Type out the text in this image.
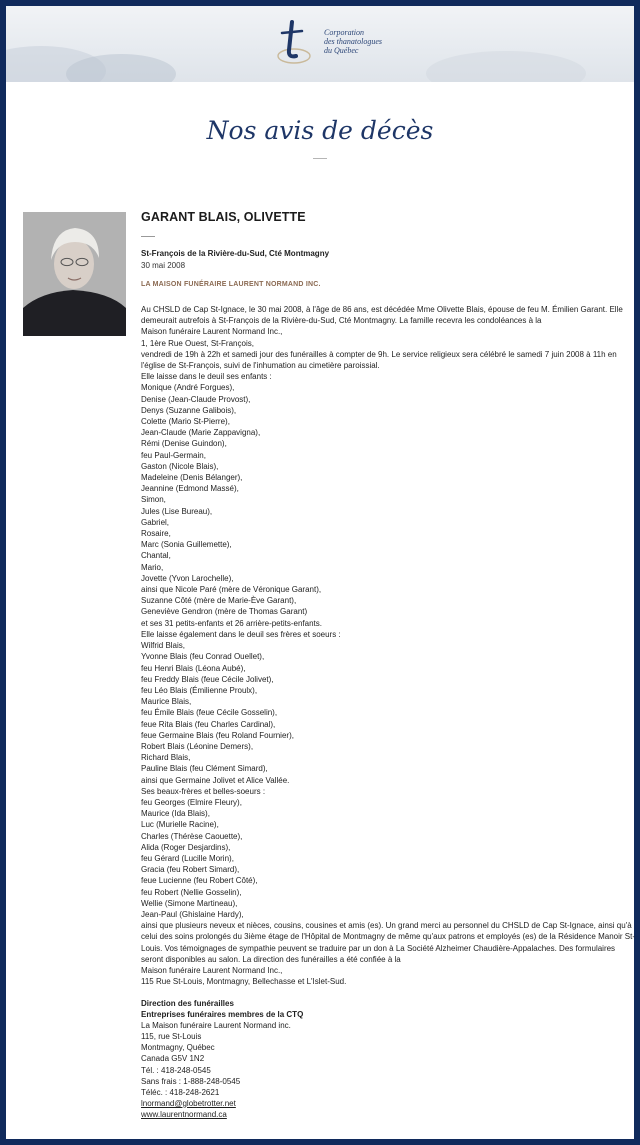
Corporation
des thanatologues
du Québec
Nos avis de décès
GARANT BLAIS, OLIVETTE
St-François de la Rivière-du-Sud, Cté Montmagny
30 mai 2008
LA MAISON FUNÉRAIRE LAURENT NORMAND INC.
Au CHSLD de Cap St-Ignace, le 30 mai 2008, à l'âge de 86 ans, est décédée Mme Olivette Blais, épouse de feu M. Émilien Garant. Elle
demeurait autrefois à St-François de la Rivière-du-Sud, Cté Montmagny. La famille recevra les condoléances à la
Maison funéraire Laurent Normand Inc.,
1, 1ère Rue Ouest, St-François,
vendredi de 19h à 22h et samedi jour des funérailles à compter de 9h. Le service religieux sera célébré le samedi 7 juin 2008 à 11h en
l'église de St-François, suivi de l'inhumation au cimetière paroissial.
Elle laisse dans le deuil ses enfants :
Monique (André Forgues),
Denise (Jean-Claude Provost),
Denys (Suzanne Galibois),
Colette (Mario St-Pierre),
Jean-Claude (Marie Zappavigna),
Rémi (Denise Guindon),
feu Paul-Germain,
Gaston (Nicole Blais),
Madeleine (Denis Bélanger),
Jeannine (Edmond Massé),
Simon,
Jules (Lise Bureau),
Gabriel,
Rosaire,
Marc (Sonia Guillemette),
Chantal,
Mario,
Jovette (Yvon Larochelle),
ainsi que Nicole Paré (mère de Véronique Garant),
Suzanne Côté (mère de Marie-Ève Garant),
Geneviève Gendron (mère de Thomas Garant)
et ses 31 petits-enfants et 26 arrière-petits-enfants.
Elle laisse également dans le deuil ses frères et soeurs :
Wilfrid Blais,
Yvonne Blais (feu Conrad Ouellet),
feu Henri Blais (Léona Aubé),
feu Freddy Blais (feue Cécile Jolivet),
feu Léo Blais (Émilienne Proulx),
Maurice Blais,
feu Émile Blais (feue Cécile Gosselin),
feue Rita Blais (feu Charles Cardinal),
feue Germaine Blais (feu Roland Fournier),
Robert Blais (Léonine Demers),
Richard Blais,
Pauline Blais (feu Clément Simard),
ainsi que Germaine Jolivet et Alice Vallée.
Ses beaux-frères et belles-soeurs :
feu Georges (Elmire Fleury),
Maurice (Ida Blais),
Luc (Murielle Racine),
Charles (Thérèse Caouette),
Alida (Roger Desjardins),
feu Gérard (Lucille Morin),
Gracia (feu Robert Simard),
feue Lucienne (feu Robert Côté),
feu Robert (Nellie Gosselin),
Wellie (Simone Martineau),
Jean-Paul (Ghislaine Hardy),
ainsi que plusieurs neveux et nièces, cousins, cousines et amis (es). Un grand merci au personnel du CHSLD de Cap St-Ignace, ainsi qu'à
celui des soins prolongés du 3ième étage de l'Hôpital de Montmagny de même qu'aux patrons et employés (es) de la Résidence Manoir St-
Louis. Vos témoignages de sympathie peuvent se traduire par un don à La Société Alzheimer Chaudière-Appalaches. Des formulaires
seront disponibles au salon. La direction des funérailles a été confiée à la
Maison funéraire Laurent Normand Inc.,
115 Rue St-Louis, Montmagny, Bellechasse et L'Islet-Sud.
Direction des funérailles
Entreprises funéraires membres de la CTQ
La Maison funéraire Laurent Normand inc.
115, rue St-Louis
Montmagny, Québec
Canada G5V 1N2
Tél. : 418-248-0545
Sans frais : 1-888-248-0545
Téléc. : 418-248-2621
lnormand@globetrotter.net
www.laurentnormand.ca
